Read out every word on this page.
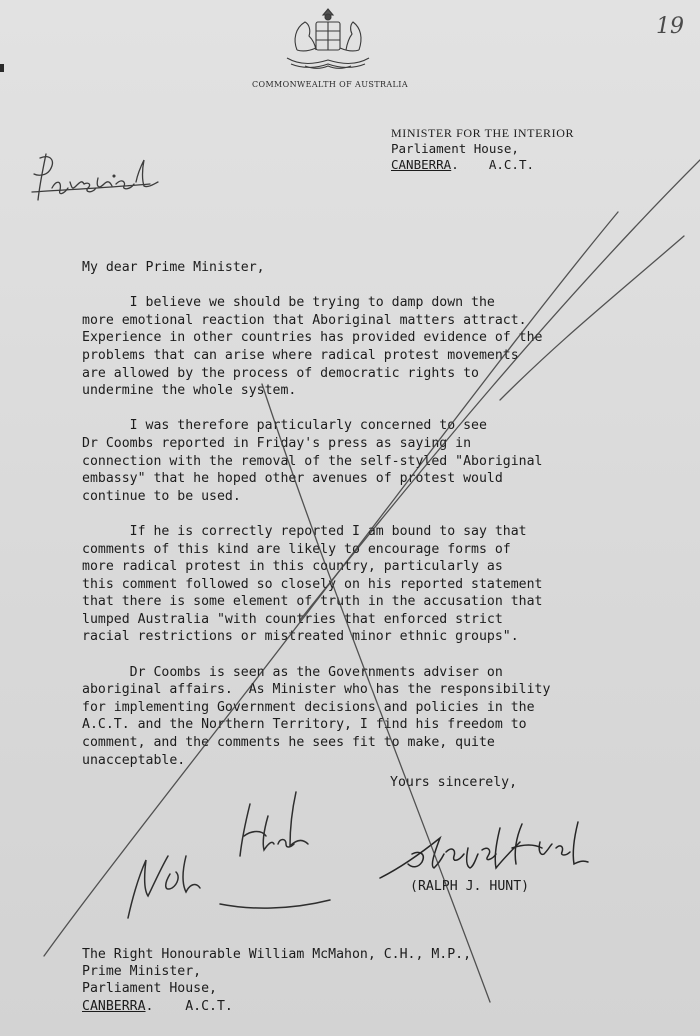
COMMONWEALTH OF AUSTRALIA
19
MINISTER FOR THE INTERIOR
Parliament House,
CANBERRA.    A.C.T.

My dear Prime Minister,

I believe we should be trying to damp down the

more emotional reaction that Aboriginal matters attract.

Experience in other countries has provided evidence of the

problems that can arise where radical protest movements

are allowed by the process of democratic rights to

undermine the whole system.

I was therefore particularly concerned to see

Dr Coombs reported in Friday's press as saying in

connection with the removal of the self-styled "Aboriginal

embassy" that he hoped other avenues of protest would

continue to be used.

If he is correctly reported I am bound to say that

comments of this kind are likely to encourage forms of

more radical protest in this country, particularly as

this comment followed so closely on his reported statement

that there is some element of truth in the accusation that

lumped Australia "with countries that enforced strict

racial restrictions or mistreated minor ethnic groups".

Dr Coombs is seen as the Governments adviser on

aboriginal affairs.  As Minister who has the responsibility

for implementing Government decisions and policies in the

A.C.T. and the Northern Territory, I find his freedom to

comment, and the comments he sees fit to make, quite

unacceptable.

Yours sincerely,
(RALPH J. HUNT)

The Right Honourable William McMahon, C.H., M.P.,

Prime Minister,

Parliament House,

CANBERRA.    A.C.T.
